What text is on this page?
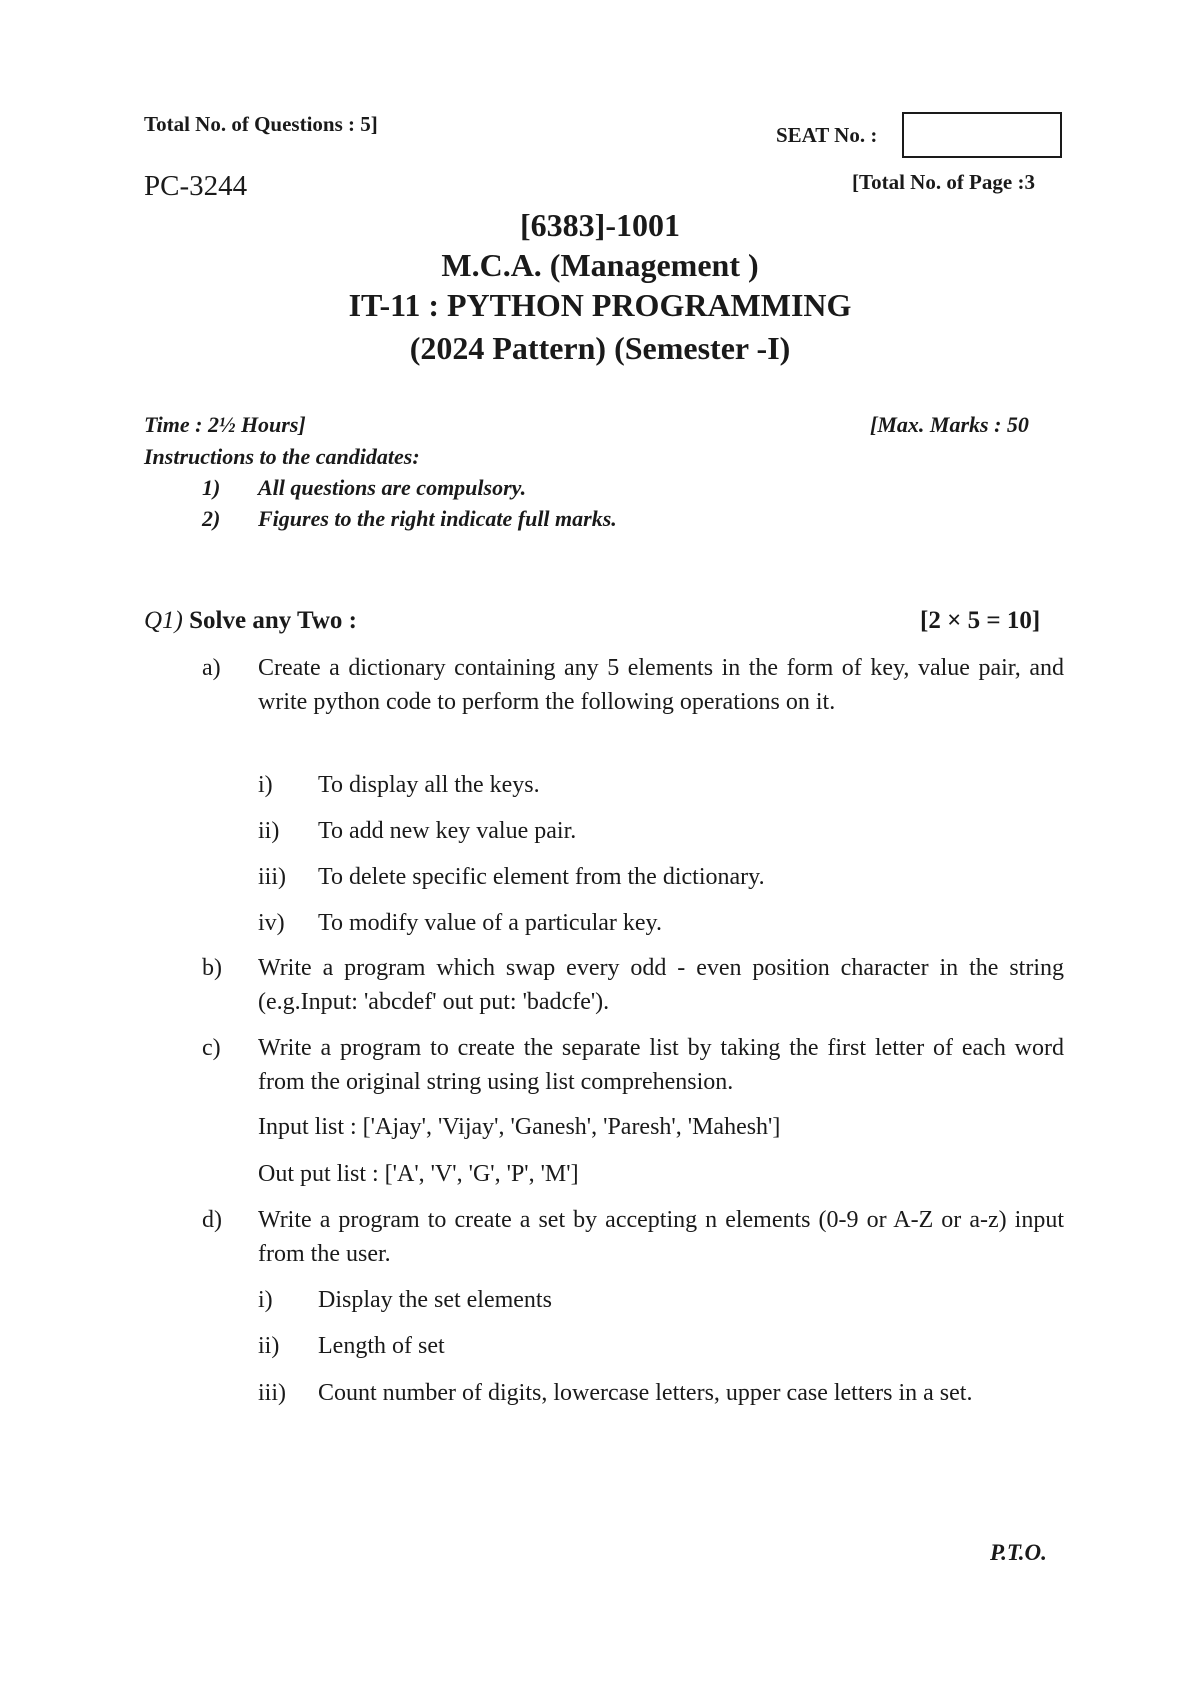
Total No. of Questions : 5]	SEAT No. :
PC-3244	[Total No. of Page :3
[6383]-1001
M.C.A. (Management )
IT-11 : PYTHON PROGRAMMING
(2024 Pattern) (Semester -I)
Time : 2½ Hours]	[Max. Marks : 50
Instructions to the candidates:
1) All questions are compulsory.
2) Figures to the right indicate full marks.
Q1) Solve any Two :	[2 × 5 = 10]
a) Create a dictionary containing any 5 elements in the form of key, value pair, and write python code to perform the following operations on it.
i) To display all the keys.
ii) To add new key value pair.
iii) To delete specific element from the dictionary.
iv) To modify value of a particular key.
b) Write a program which swap every odd - even position character in the string (e.g.Input: 'abcdef' out put: 'badcfe').
c) Write a program to create the separate list by taking the first letter of each word from the original string using list comprehension.
Input list : ['Ajay', 'Vijay', 'Ganesh', 'Paresh', 'Mahesh']
Out put list : ['A', 'V', 'G', 'P', 'M']
d) Write a program to create a set by accepting n elements (0-9 or A-Z or a-z) input from the user.
i) Display the set elements
ii) Length of set
iii) Count number of digits, lowercase letters, upper case letters in a set.
P.T.O.
